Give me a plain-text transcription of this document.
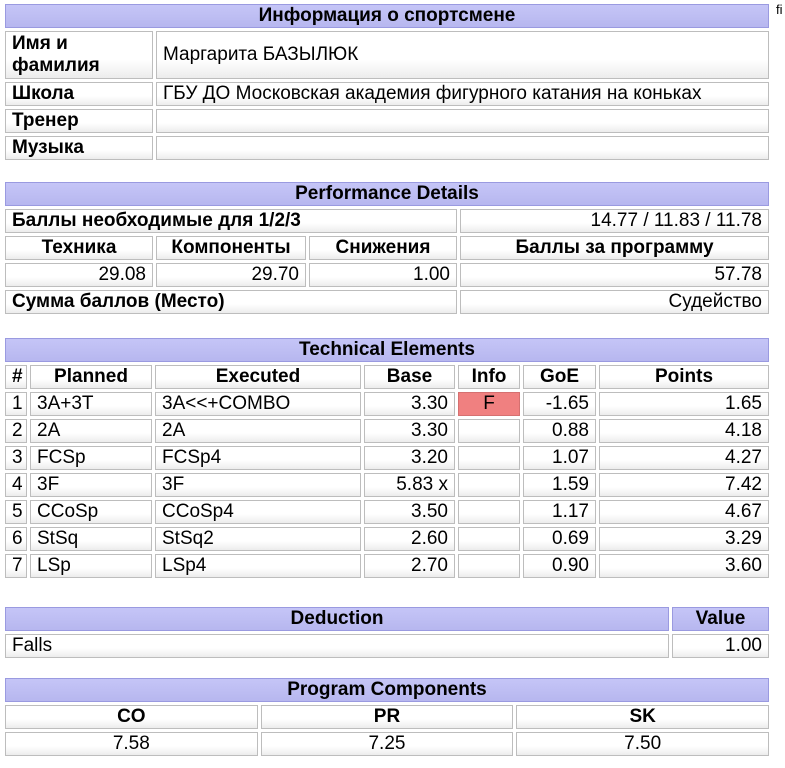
fi
Информация о спортсмене	
Имя и фамилия	Маргарита БАЗЫЛЮК
Школа	ГБУ ДО Московская академия фигурного катания на коньках
Тренер	
Музыка	
Performance Details			
Баллы необходимые для 1/2/3			14.77 / 11.83 / 11.78
Техника	Компоненты	Снижения	Баллы за программу
29.08	29.70	1.00	57.78
Сумма баллов (Место)			Судейство
Technical Elements						
#	Planned	Executed	Base	Info	GoE	Points
1	3A+3T	3A<<+COMBO	3.30	F	-1.65	1.65
2	2A	2A	3.30		0.88	4.18
3	FCSp	FCSp4	3.20		1.07	4.27
4	3F	3F	5.83 x		1.59	7.42
5	CCoSp	CCoSp4	3.50		1.17	4.67
6	StSq	StSq2	2.60		0.69	3.29
7	LSp	LSp4	2.70		0.90	3.60
Deduction	Value
Falls	1.00
Program Components		
CO	PR	SK
7.58	7.25	7.50
